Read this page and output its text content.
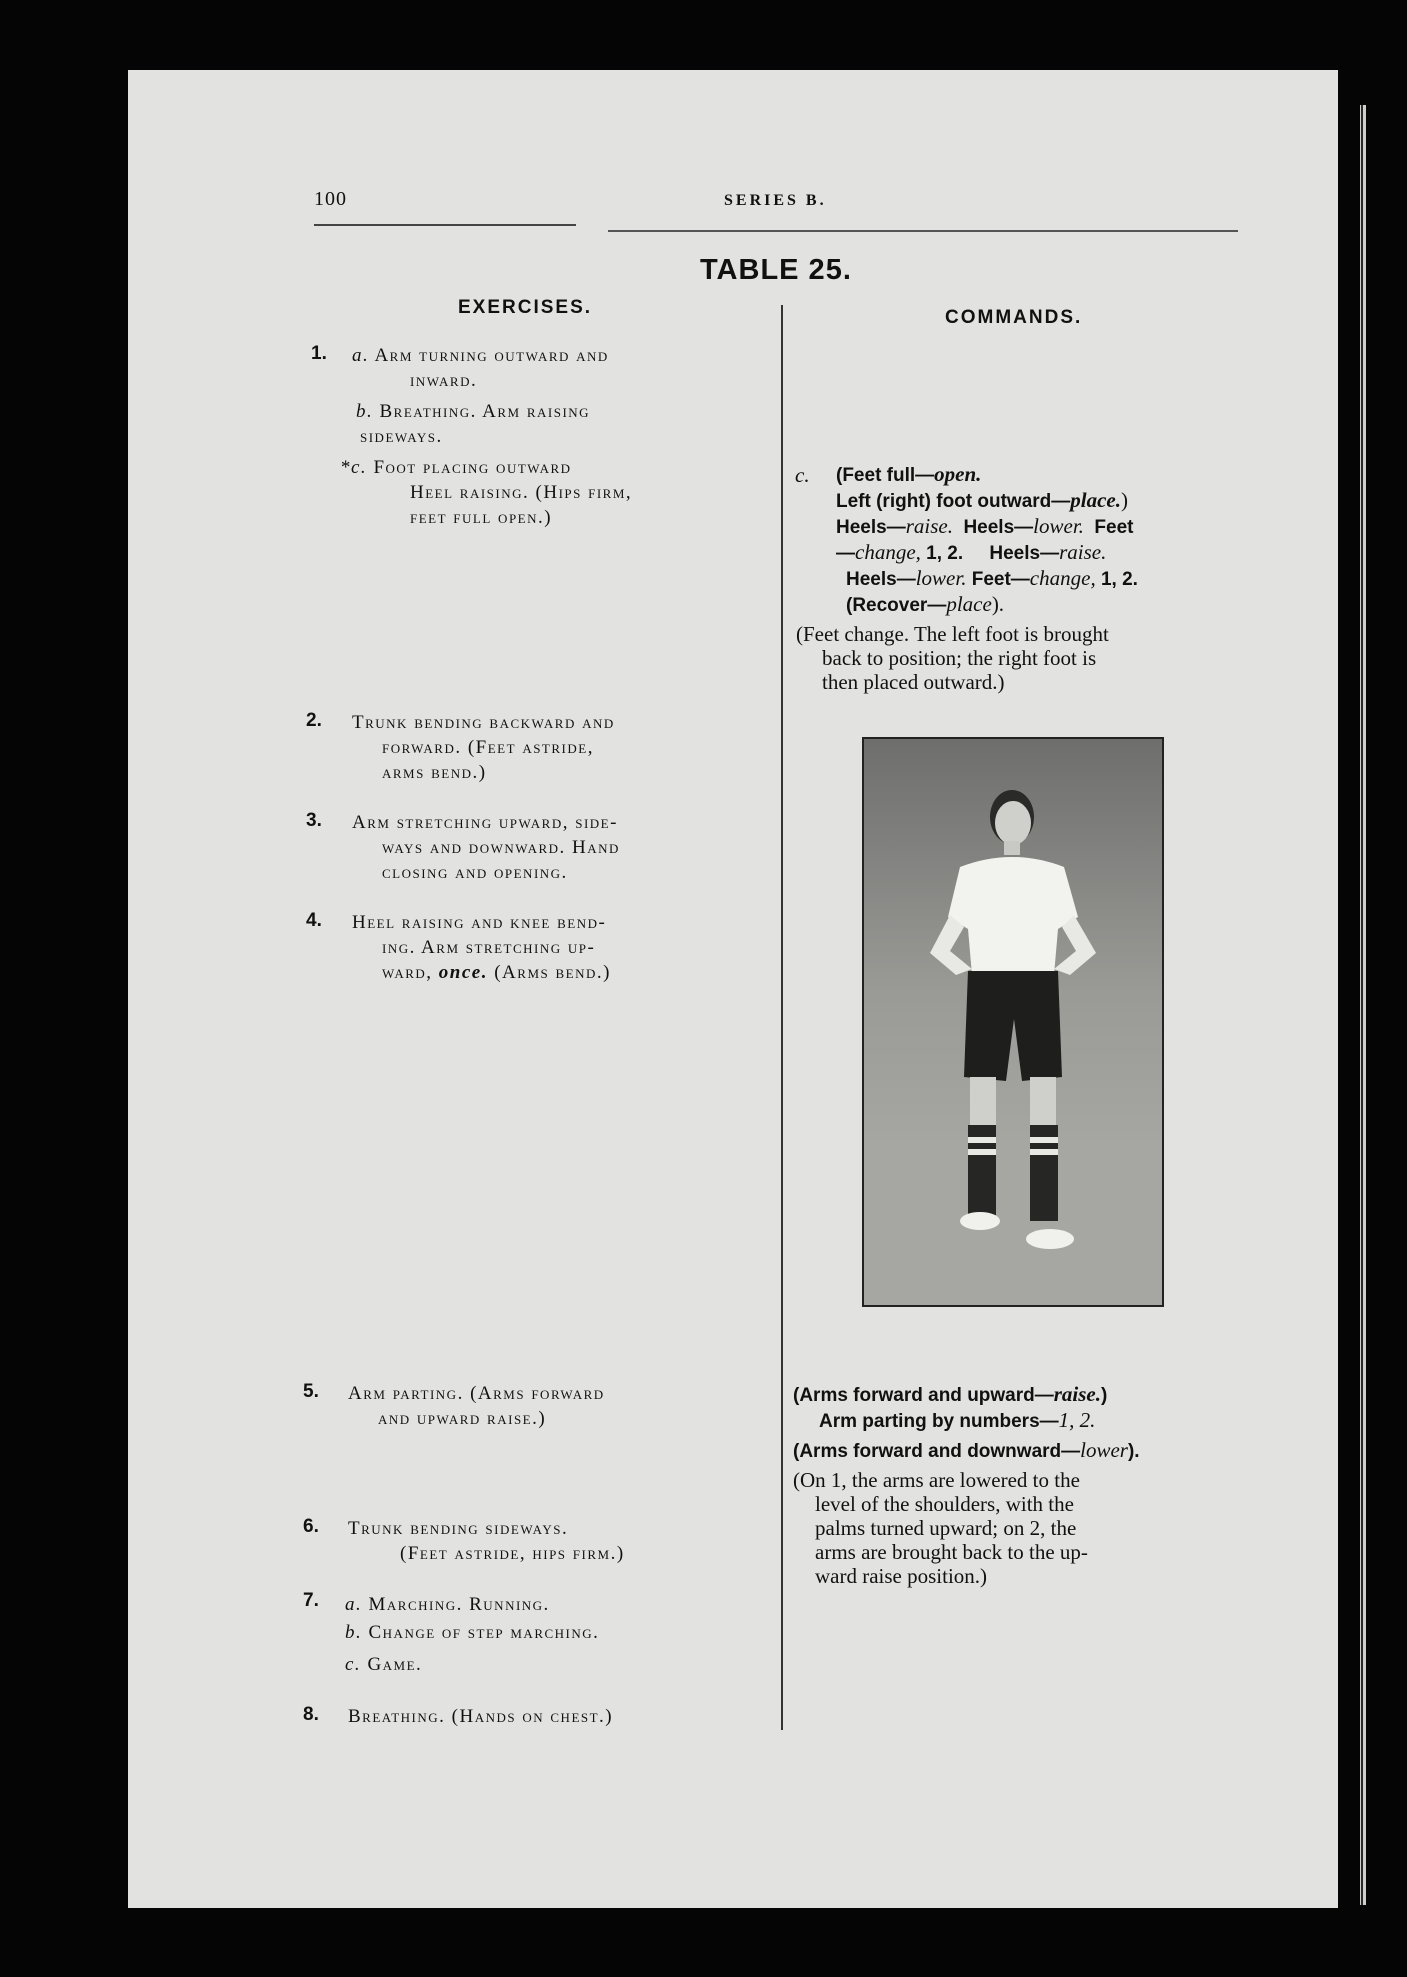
100	SERIES B.
TABLE 25.
EXERCISES.	COMMANDS.
1. a. Arm turning outward and
inward.
b. Breathing. Arm raising
sideways.
*c. Foot placing outward
Heel raising. (Hips firm,
feet full open.)
2. Trunk bending backward and
forward. (Feet astride,
arms bend.)
3. Arm stretching upward, side-
ways and downward. Hand
closing and opening.
4. Heel raising and knee bend-
ing. Arm stretching up-
ward, once. (Arms bend.)
5. Arm parting. (Arms forward
and upward raise.)
6. Trunk bending sideways.
(Feet astride, hips firm.)
7. a. Marching. Running.
b. Change of step marching.
c. Game.
8. Breathing. (Hands on chest.)
c. (Feet full—open.
Left (right) foot outward—place.)
Heels—raise. Heels—lower. Feet
—change, 1, 2. Heels—raise.
Heels—lower. Feet—change, 1, 2.
(Recover—place).
(Feet change. The left foot is brought
back to position; the right foot is
then placed outward.)
(Arms forward and upward—raise.)
Arm parting by numbers—1, 2.
(Arms forward and downward—lower).
(On 1, the arms are lowered to the
level of the shoulders, with the
palms turned upward; on 2, the
arms are brought back to the up-
ward raise position.)
